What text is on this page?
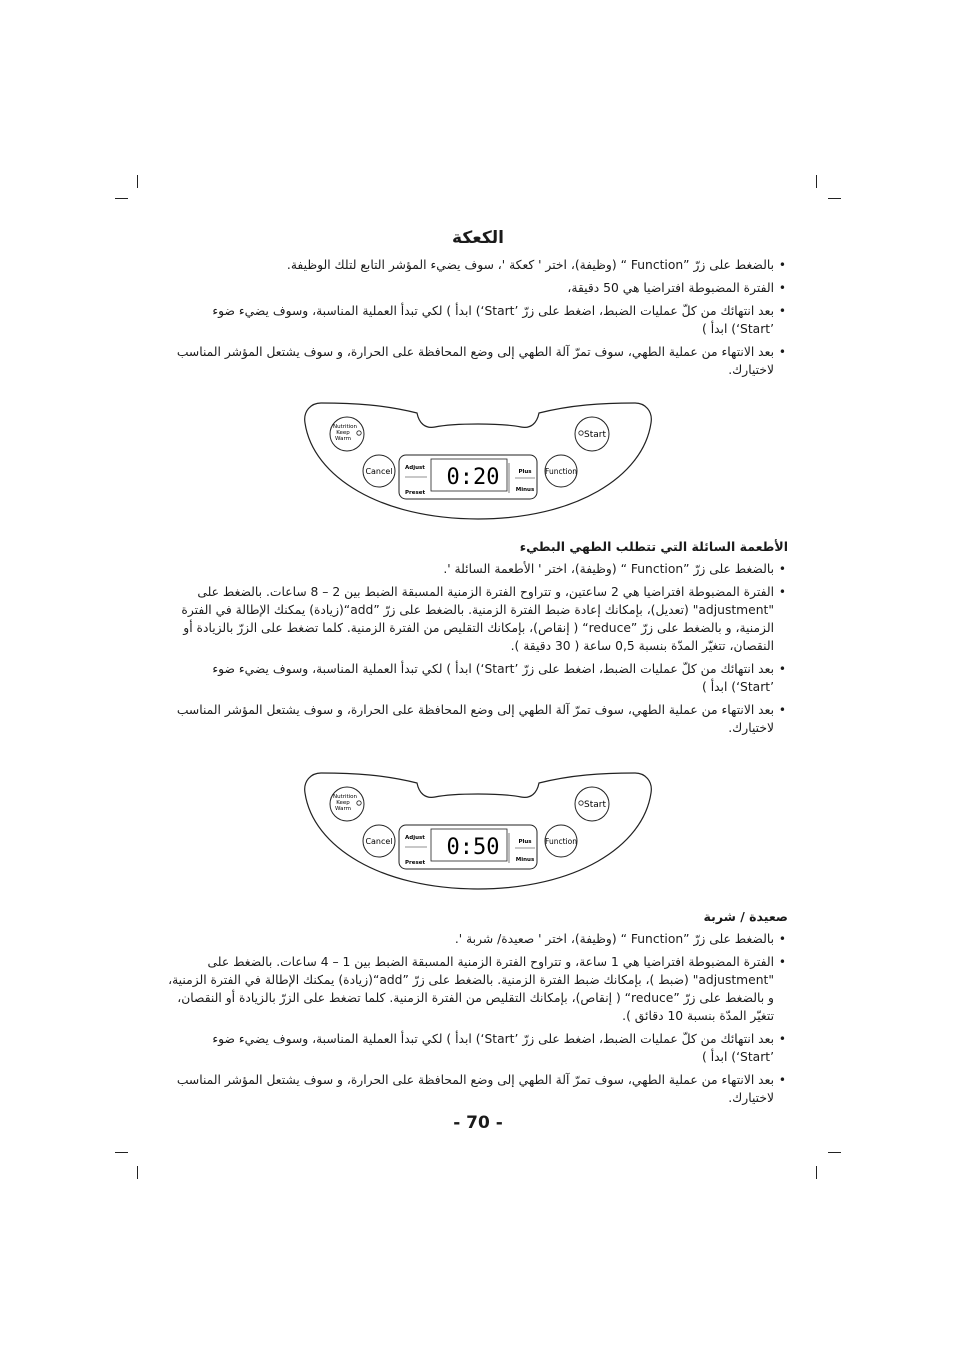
الكعكة
• بالضغط على زرّ ”Function “ (وظيفة)، اختر ' كعكة '، سوف يضيء المؤشر التابع لتلك الوظيفة.
• الفترة المضبوطة افتراضيا هي 50 دقيقة،
• بعد انتهائك من كلّ عمليات الضبط، اضغط على زرّ ’Start‘) ابدأ ) لكي تبدأ العملية المناسبة، وسوف يضيء ضوء ’Start‘) ابدأ )
• بعد الانتهاء من عملية الطهي، سوف تمرّ آلة الطهي إلى وضع المحافظة على الحرارة، و سوف يشتعل المؤشر المناسب لاختيارك.
Nutrition
Keep
Warm	Start
Cancel	Function
Adjust
Preset
0:20	Plus
Minus
الأطعمة السائلة التي تتطلب الطهي البطيء
• بالضغط على زرّ ”Function “ (وظيفة)، اختر ' الأطعمة السائلة '.
• الفترة المضبوطة افتراضيا هي 2 ساعتين، و تتراوح الفترة الزمنية المسبقة الضبط بين 2 – 8 ساعات. بالضغط على "adjustment" (تعديل)، بإمكانك إعادة ضبط الفترة الزمنية. بالضغط على زرّ ”add“(زيادة) يمكنك الإطالة في الفترة الزمنية، و بالضغط على زرّ ”reduce“ ( إنقاص)، بإمكانك التقليص من الفترة الزمنية. كلما تضغط على الزرّ بالزيادة أو النقصان، تتغيّر المدّة بنسبة 0,5 ساعة ( 30 دقيقة ).
• بعد انتهائك من كلّ عمليات الضبط، اضغط على زرّ ’Start‘) ابدأ ) لكي تبدأ العملية المناسبة، وسوف يضيء ضوء ’Start‘) ابدأ )
• بعد الانتهاء من عملية الطهي، سوف تمرّ آلة الطهي إلى وضع المحافظة على الحرارة، و سوف يشتعل المؤشر المناسب لاختيارك.
Nutrition
Keep
Warm	Start
Cancel	Function
Adjust
Preset
0:50	Plus
Minus
صعيدة / شربة
• بالضغط على زرّ ”Function “ (وظيفة)، اختر ' صعيدة/ شربة '.
• الفترة المضبوطة افتراضيا هي 1 ساعة، و تتراوح الفترة الزمنية المسبقة الضبط بين 1 – 4 ساعات. بالضغط على "adjustment" (ضبط )، بإمكانك ضبط الفترة الزمنية. بالضغط على زرّ ”add“(زيادة) يمكنك الإطالة في الفترة الزمنية، و بالضغط على زرّ ”reduce“ ( إنقاص)، بإمكانك التقليص من الفترة الزمنية. كلما تضغط على الزرّ بالزيادة أو النقصان، تتغيّر المدّة بنسبة 10 دقائق ).
• بعد انتهائك من كلّ عمليات الضبط، اضغط على زرّ ’Start‘) ابدأ ) لكي تبدأ العملية المناسبة، وسوف يضيء ضوء ’Start‘) ابدأ )
• بعد الانتهاء من عملية الطهي، سوف تمرّ آلة الطهي إلى وضع المحافظة على الحرارة، و سوف يشتعل المؤشر المناسب لاختيارك.
- 70 -
